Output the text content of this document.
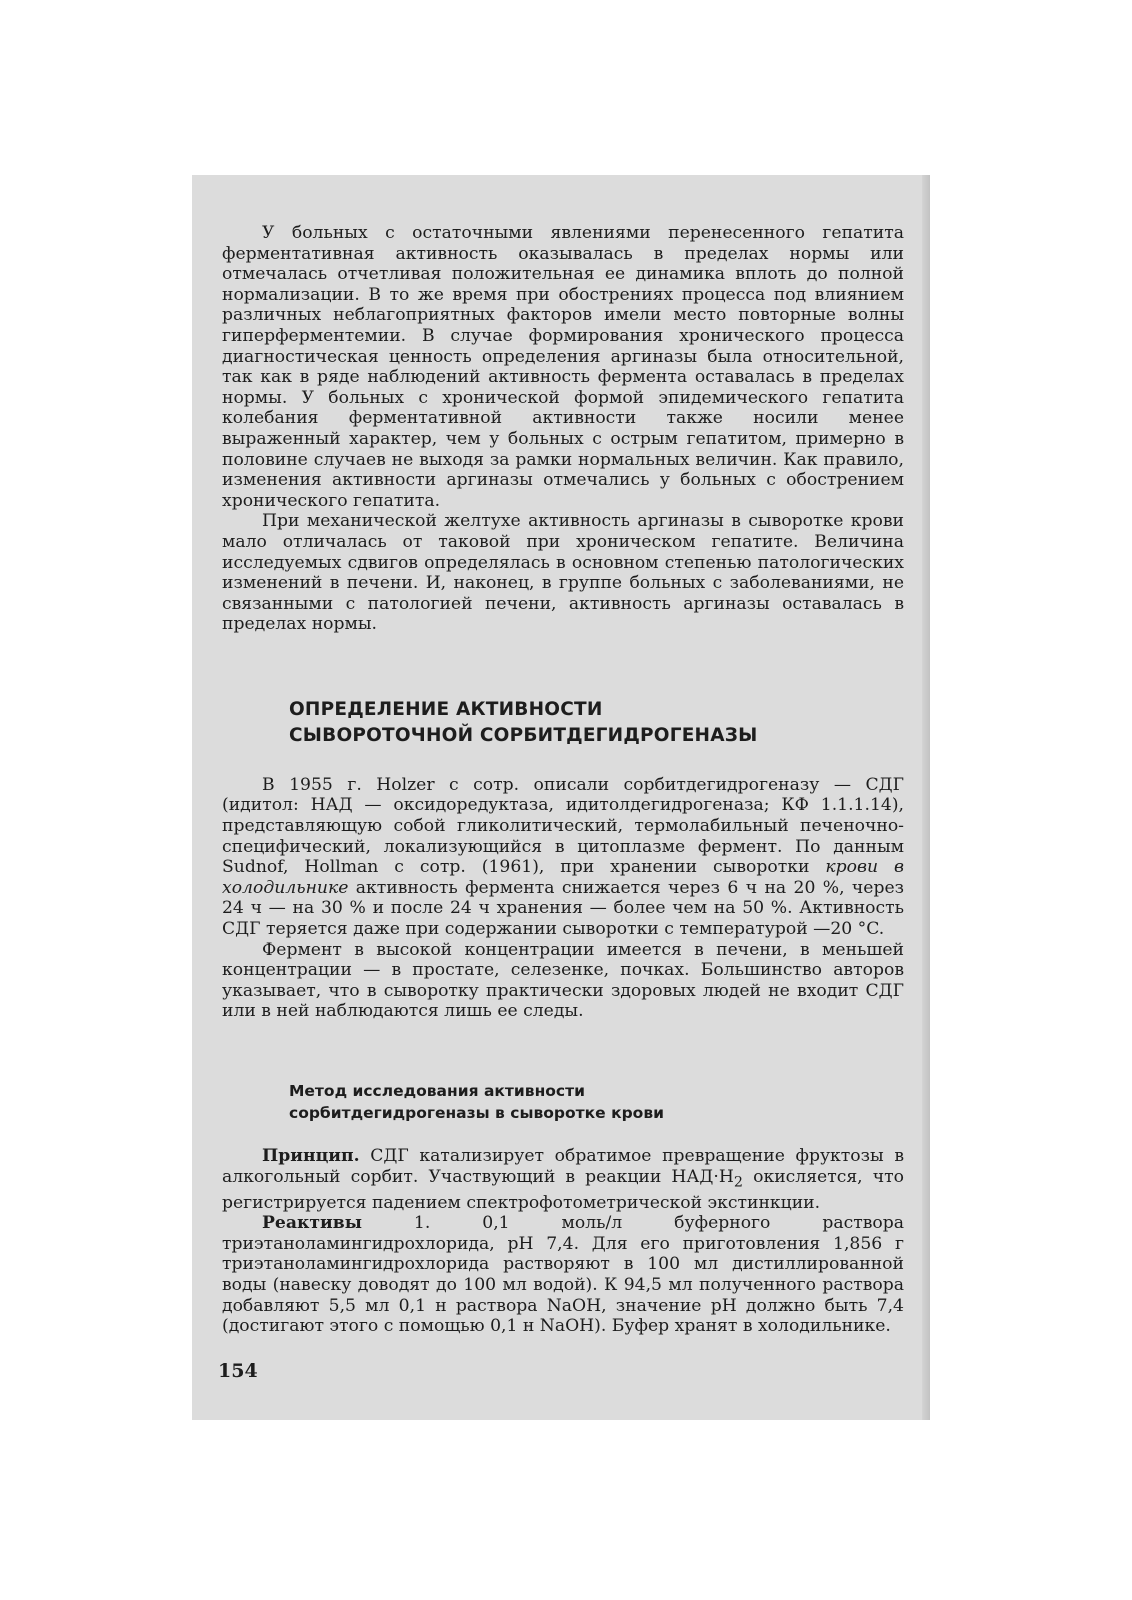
У больных с остаточными явлениями перенесенного гепатита ферментативная активность оказывалась в пределах нормы или отмечалась отчетливая положительная ее динамика вплоть до полной нормализации. В то же время при обострениях процесса под влиянием различных неблагоприятных факторов имели место повторные волны гиперферментемии. В случае формирования хронического процесса диагностическая ценность определения аргиназы была относительной, так как в ряде наблюдений активность фермента оставалась в пределах нормы. У больных с хронической формой эпидемического гепатита колебания ферментативной активности также носили менее выраженный характер, чем у больных с острым гепатитом, примерно в половине случаев не выходя за рамки нормальных величин. Как правило, изменения активности аргиназы отмечались у больных с обострением хронического гепатита.

При механической желтухе активность аргиназы в сыворотке крови мало отличалась от таковой при хроническом гепатите. Величина исследуемых сдвигов определялась в основном степенью патологических изменений в печени. И, наконец, в группе больных с заболеваниями, не связанными с патологией печени, активность аргиназы оставалась в пределах нормы.

ОПРЕДЕЛЕНИЕ АКТИВНОСТИ
СЫВОРОТОЧНОЙ СОРБИТДЕГИДРОГЕНАЗЫ

В 1955 г. Holzer с сотр. описали сорбитдегидрогеназу — СДГ (идитол: НАД — оксидоредуктаза, идитолдегидрогеназа; КФ 1.1.1.14), представляющую собой гликолитический, термолабильный печеночно-специфический, локализующийся в цитоплазме фермент. По данным Sudnof, Hollman с сотр. (1961), при хранении сыворотки крови в холодильнике активность фермента снижается через 6 ч на 20 %, через 24 ч — на 30 % и после 24 ч хранения — более чем на 50 %. Активность СДГ теряется даже при содержании сыворотки с температурой —20 °C.

Фермент в высокой концентрации имеется в печени, в меньшей концентрации — в простате, селезенке, почках. Большинство авторов указывает, что в сыворотку практически здоровых людей не входит СДГ или в ней наблюдаются лишь ее следы.

Метод исследования активности
сорбитдегидрогеназы в сыворотке крови

Принцип. СДГ катализирует обратимое превращение фруктозы в алкогольный сорбит. Участвующий в реакции $НАД\cdot Н_2$ окисляется, что регистрируется падением спектрофотометрической экстинкции.

Реактивы 1. 0,1 моль/л буферного раствора триэтаноламингидрохлорида, pH 7,4. Для его приготовления 1,856 г триэтаноламингидрохлорида растворяют в 100 мл дистиллированной воды (навеску доводят до 100 мл водой). К 94,5 мл полученного раствора добавляют 5,5 мл 0,1 н раствора NaOH, значение pH должно быть 7,4 (достигают этого с помощью 0,1 н NaOH). Буфер хранят в холодильнике.

154
